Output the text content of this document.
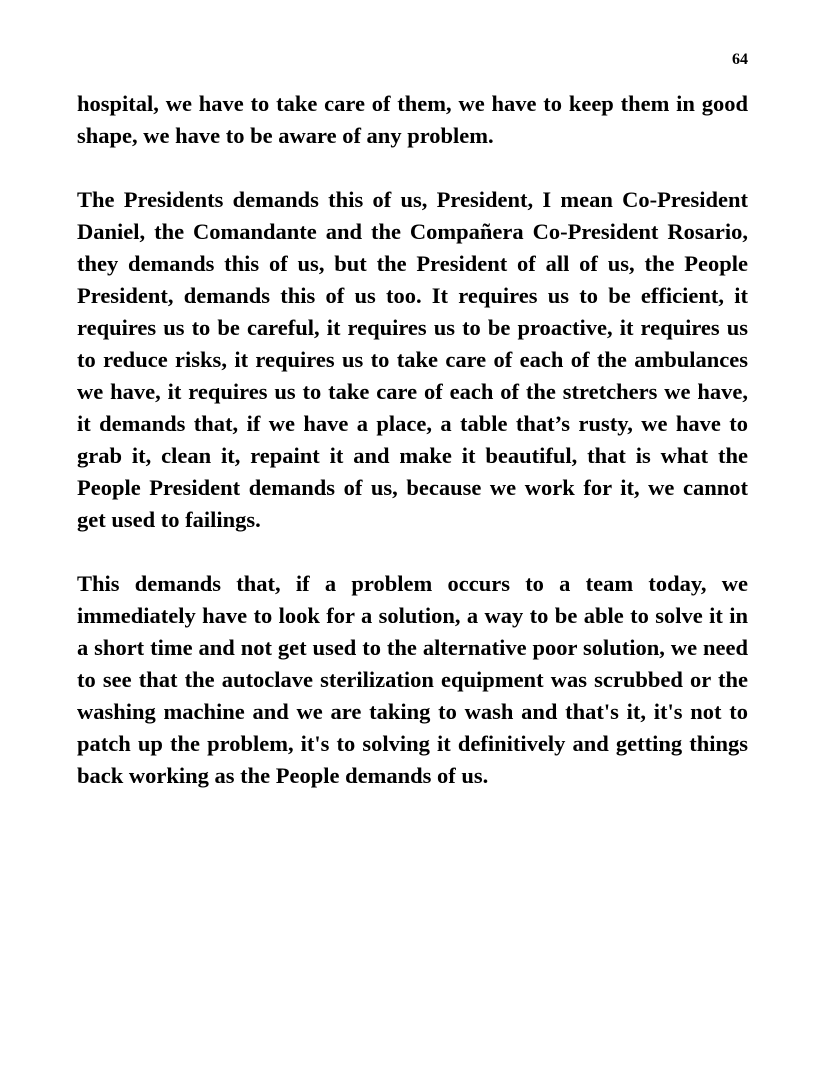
64

hospital, we have to take care of them, we have to keep them in good shape, we have to be aware of any problem.

The Presidents demands this of us, President, I mean Co-President Daniel, the Comandante and the Compañera Co-President Rosario, they demands this of us, but the President of all of us, the People President, demands this of us too. It requires us to be efficient, it requires us to be careful, it requires us to be proactive, it requires us to reduce risks, it requires us to take care of each of the ambulances we have, it requires us to take care of each of the stretchers we have, it demands that, if we have a place, a table that’s rusty, we have to grab it, clean it, repaint it and make it beautiful, that is what the People President demands of us, because we work for it, we cannot get used to failings.

This demands that, if a problem occurs to a team today, we immediately have to look for a solution, a way to be able to solve it in a short time and not get used to the alternative poor solution, we need to see that the autoclave sterilization equipment was scrubbed or the washing machine and we are taking to wash and that's it, it's not to patch up the problem, it's to solving it definitively and getting things back working as the People demands of us.
